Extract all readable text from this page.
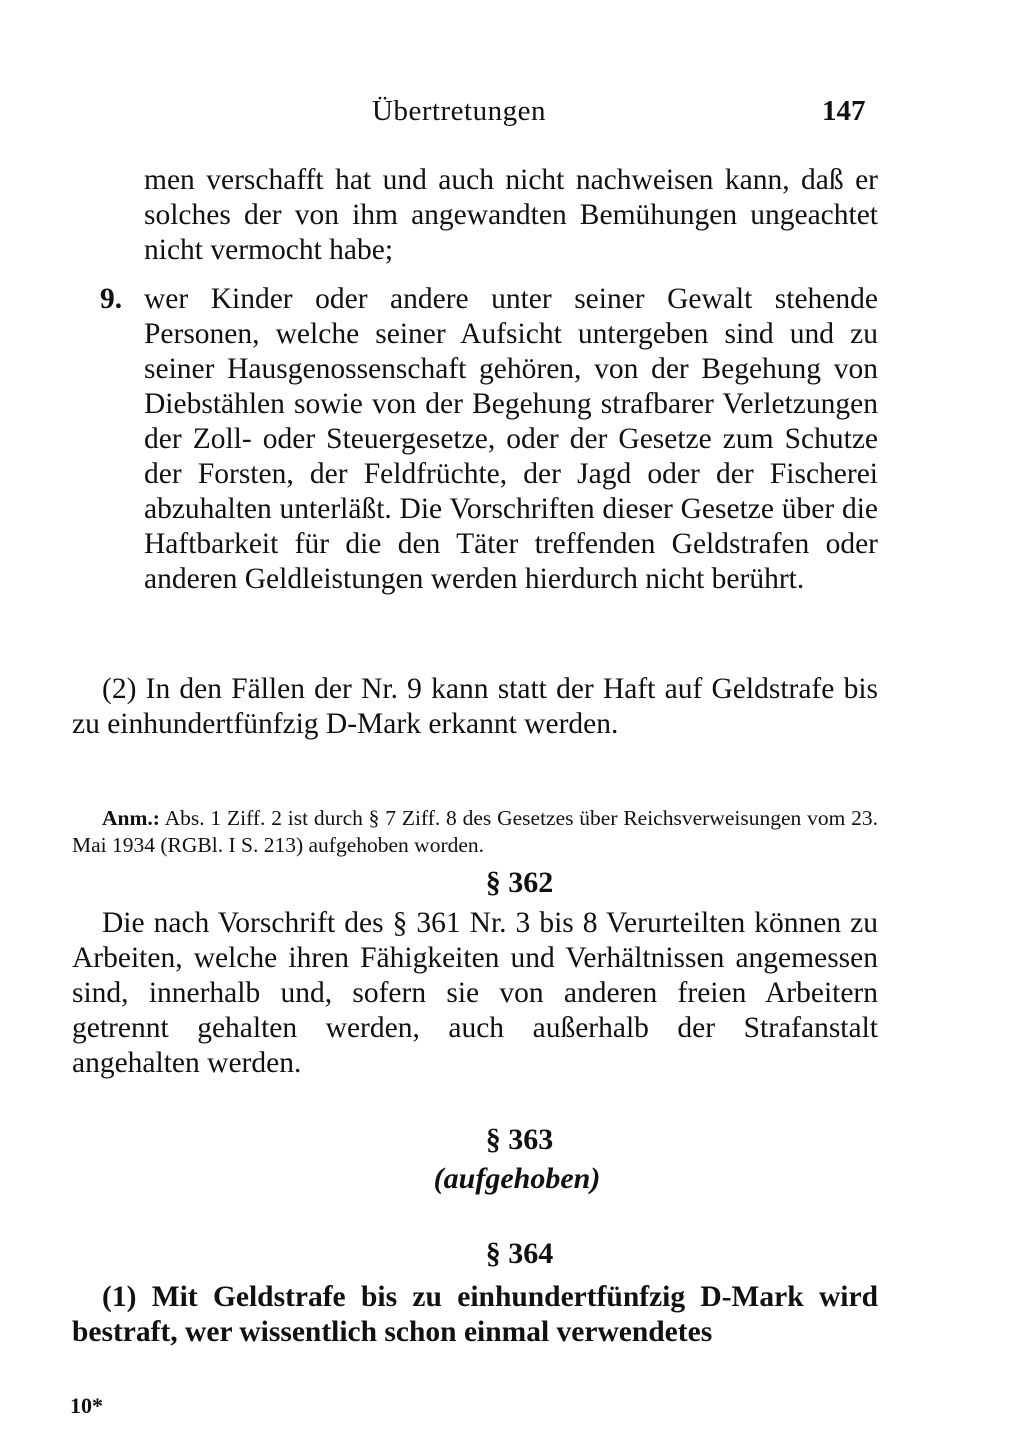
Übertretungen	147

men verschafft hat und auch nicht nachweisen kann, daß er solches der von ihm angewandten Bemühungen ungeachtet nicht vermocht habe;

9. wer Kinder oder andere unter seiner Gewalt stehende Personen, welche seiner Aufsicht untergeben sind und zu seiner Hausgenossenschaft gehören, von der Begehung von Diebstählen sowie von der Begehung strafbarer Verletzungen der Zoll- oder Steuergesetze, oder der Gesetze zum Schutze der Forsten, der Feldfrüchte, der Jagd oder der Fischerei abzuhalten unterläßt. Die Vorschriften dieser Gesetze über die Haftbarkeit für die den Täter treffenden Geldstrafen oder anderen Geldleistungen werden hierdurch nicht berührt.

(2) In den Fällen der Nr. 9 kann statt der Haft auf Geldstrafe bis zu einhundertfünfzig D-Mark erkannt werden.

Anm.: Abs. 1 Ziff. 2 ist durch § 7 Ziff. 8 des Gesetzes über Reichsverweisungen vom 23. Mai 1934 (RGBl. I S. 213) aufgehoben worden.

§ 362

Die nach Vorschrift des § 361 Nr. 3 bis 8 Verurteilten können zu Arbeiten, welche ihren Fähigkeiten und Verhältnissen angemessen sind, innerhalb und, sofern sie von anderen freien Arbeitern getrennt gehalten werden, auch außerhalb der Strafanstalt angehalten werden.

§ 363
(aufgehoben)
§ 364

(1) Mit Geldstrafe bis zu einhundertfünfzig D-Mark wird bestraft, wer wissentlich schon einmal verwendetes

10*
